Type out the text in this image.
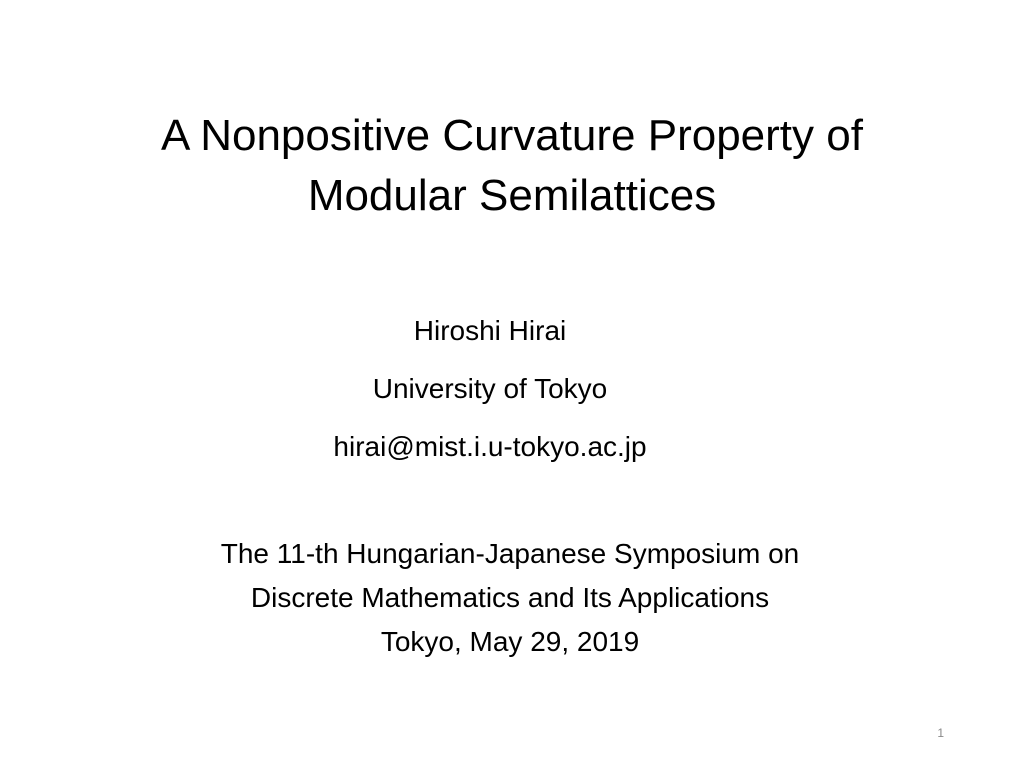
A Nonpositive Curvature Property of
Modular Semilattices
Hiroshi Hirai
University of Tokyo
hirai@mist.i.u-tokyo.ac.jp
The 11-th Hungarian-Japanese Symposium on
Discrete Mathematics and Its Applications
Tokyo, May 29, 2019
1
